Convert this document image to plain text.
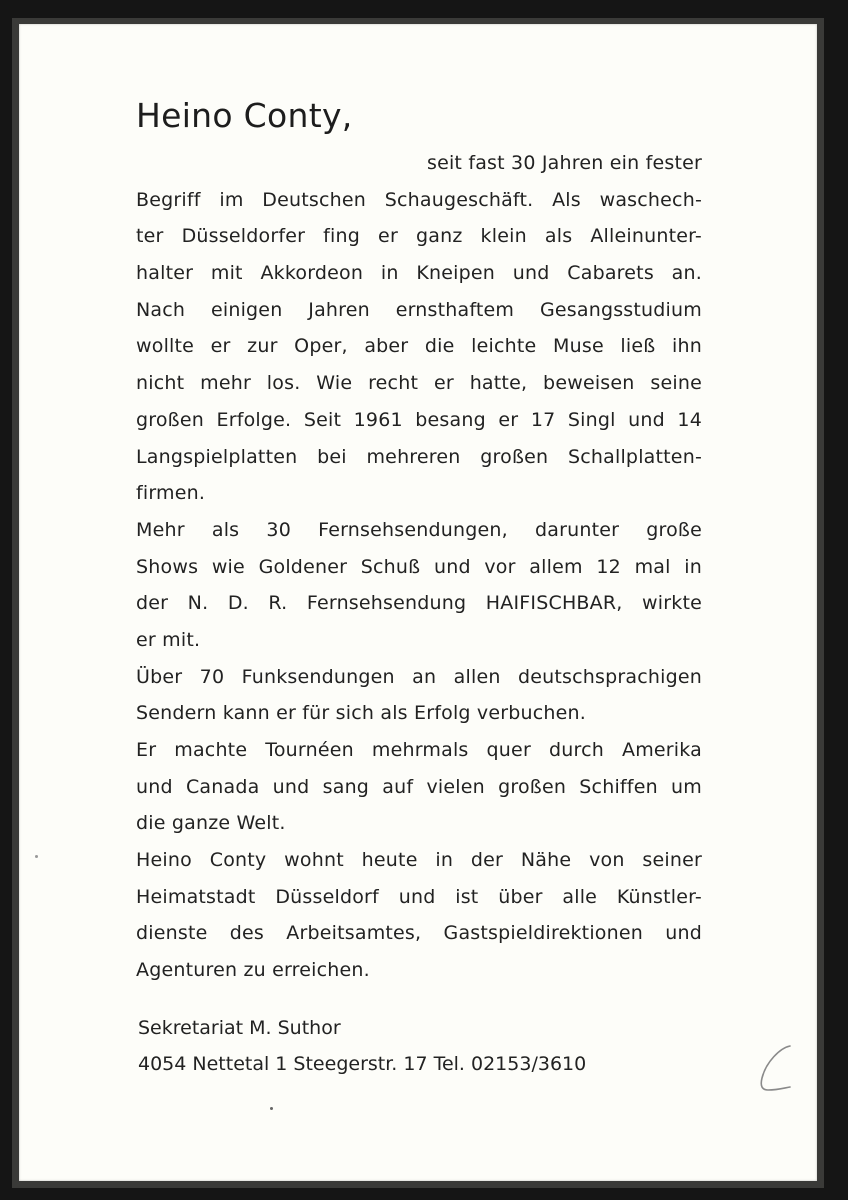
Heino Conty,
seit fast 30 Jahren ein fester
Begriff im Deutschen Schaugeschäft. Als waschech-
ter Düsseldorfer fing er ganz klein als Alleinunter-
halter mit Akkordeon in Kneipen und Cabarets an.
Nach einigen Jahren ernsthaftem Gesangsstudium
wollte er zur Oper, aber die leichte Muse ließ ihn
nicht mehr los. Wie recht er hatte, beweisen seine
großen Erfolge. Seit 1961 besang er 17 Singl und 14
Langspielplatten bei mehreren großen Schallplatten-
firmen.
Mehr als 30 Fernsehsendungen, darunter große
Shows wie Goldener Schuß und vor allem 12 mal in
der N. D. R. Fernsehsendung HAIFISCHBAR, wirkte
er mit.
Über 70 Funksendungen an allen deutschsprachigen
Sendern kann er für sich als Erfolg verbuchen.
Er machte Tournéen mehrmals quer durch Amerika
und Canada und sang auf vielen großen Schiffen um
die ganze Welt.
Heino Conty wohnt heute in der Nähe von seiner
Heimatstadt Düsseldorf und ist über alle Künstler-
dienste des Arbeitsamtes, Gastspieldirektionen und
Agenturen zu erreichen.
Sekretariat M. Suthor
4054 Nettetal 1 Steegerstr. 17 Tel. 02153/3610
